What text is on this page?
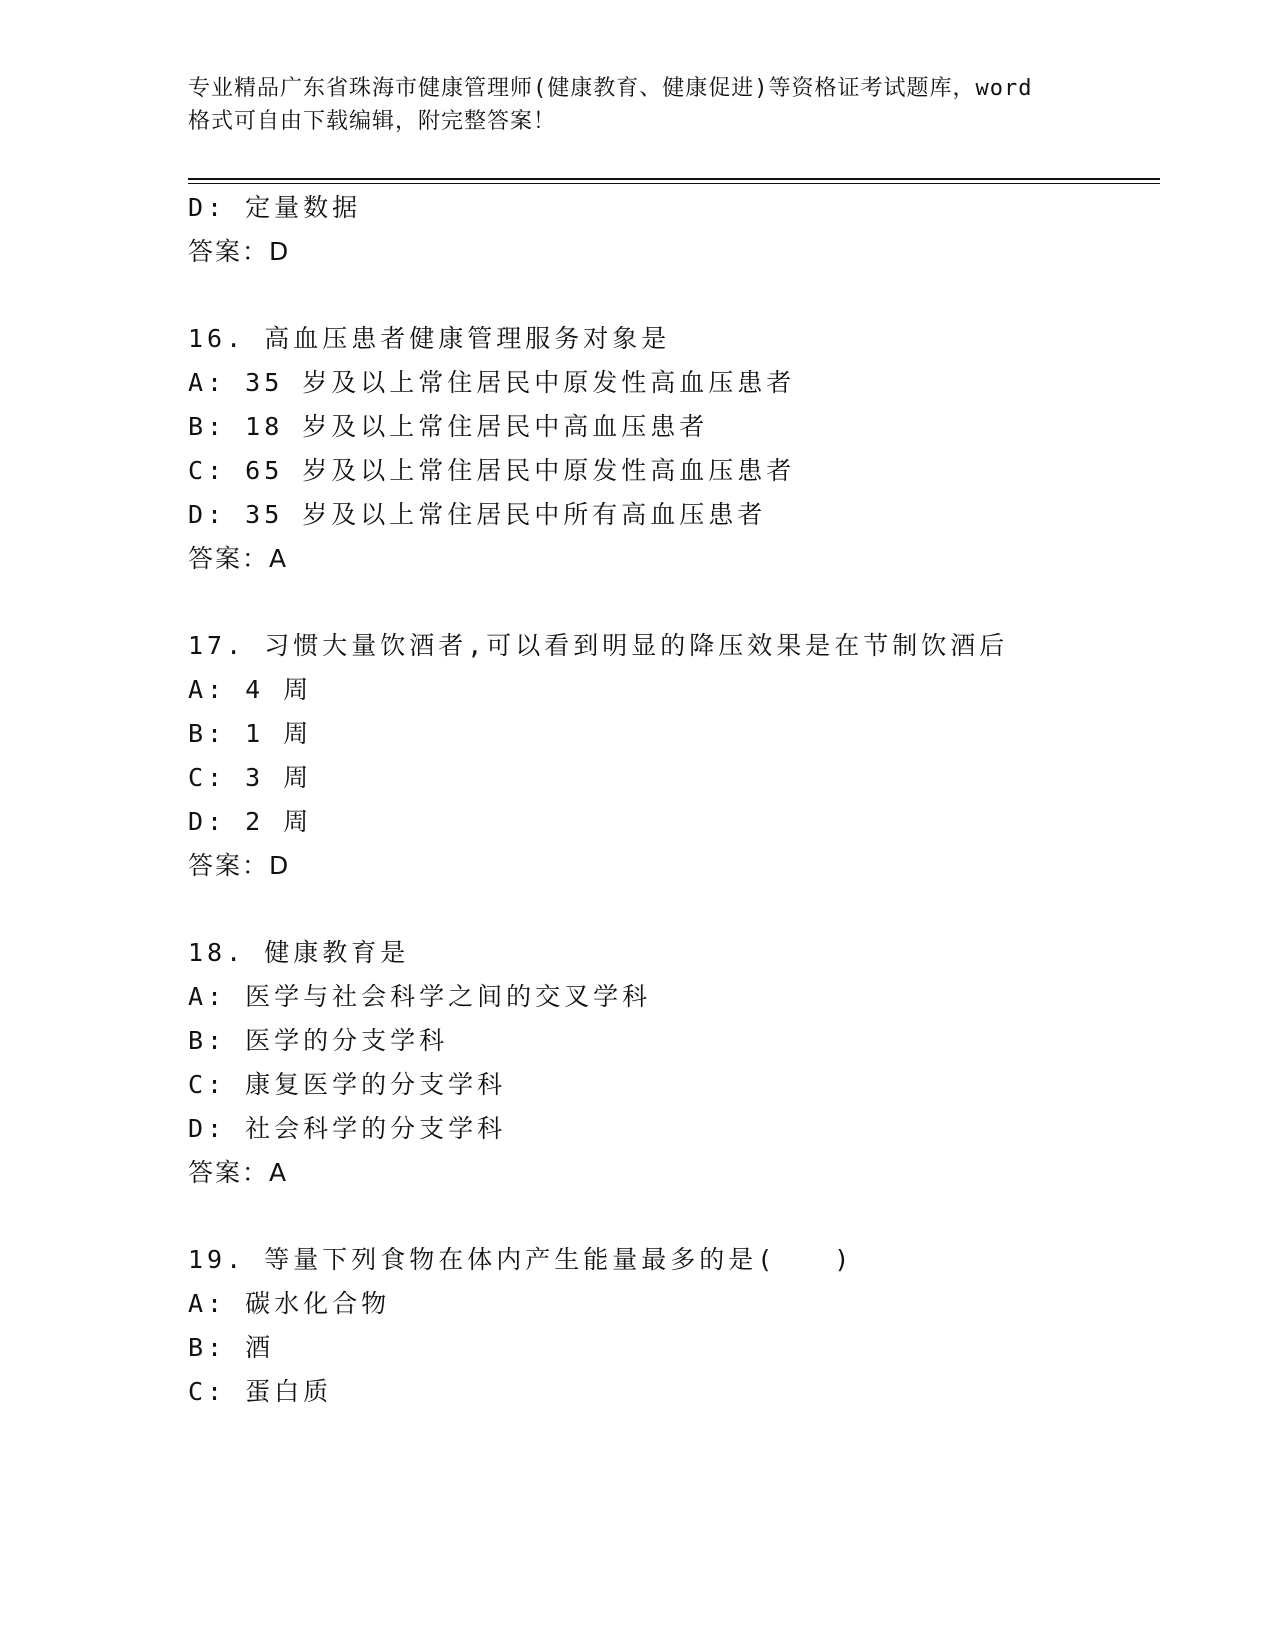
专业精品广东省珠海市健康管理师(健康教育、健康促进)等资格证考试题库，word
格式可自由下载编辑，附完整答案！
D: 定量数据
答案：D
16. 高血压患者健康管理服务对象是
A: 35 岁及以上常住居民中原发性高血压患者
B: 18 岁及以上常住居民中高血压患者
C: 65 岁及以上常住居民中原发性高血压患者
D: 35 岁及以上常住居民中所有高血压患者
答案：A
17. 习惯大量饮酒者,可以看到明显的降压效果是在节制饮酒后
A: 4 周
B: 1 周
C: 3 周
D: 2 周
答案：D
18. 健康教育是
A: 医学与社会科学之间的交叉学科
B: 医学的分支学科
C: 康复医学的分支学科
D: 社会科学的分支学科
答案：A
19. 等量下列食物在体内产生能量最多的是(　　)
A: 碳水化合物
B: 酒
C: 蛋白质
